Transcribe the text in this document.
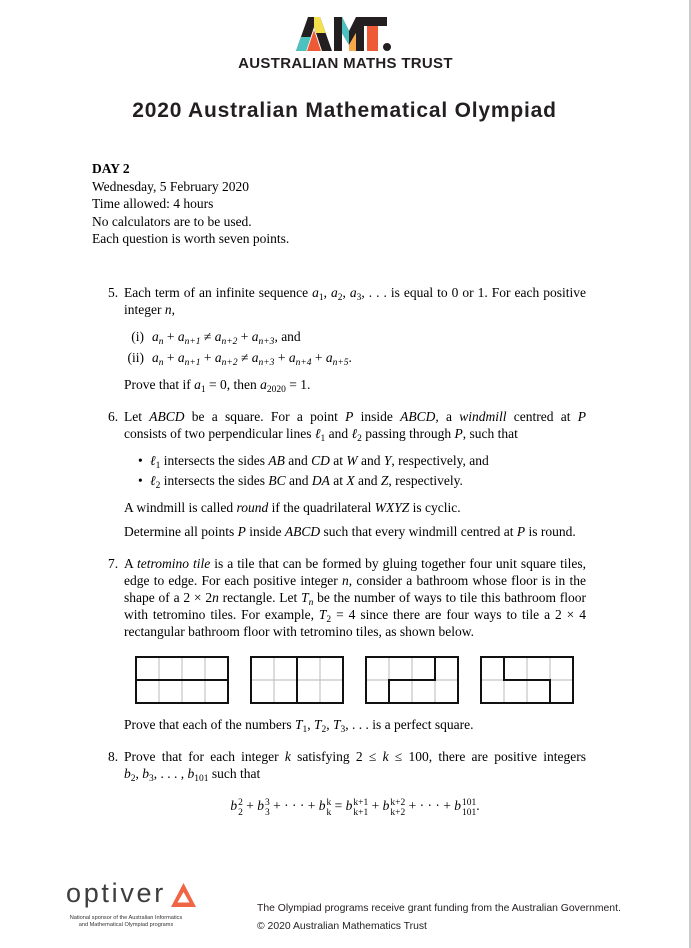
AUSTRALIAN MATHS TRUST
2020 Australian Mathematical Olympiad
DAY 2
Wednesday, 5 February 2020
Time allowed: 4 hours
No calculators are to be used.
Each question is worth seven points.
5. Each term of an infinite sequence $a_1$, $a_2$, $a_3$, . . . is equal to 0 or 1. For each positive
integer n,
(i) $a_n + a_{n+1} \ne a_{n+2} + a_{n+3}$, and
(ii) $a_n + a_{n+1} + a_{n+2} \ne a_{n+3} + a_{n+4} + a_{n+5}$.
Prove that if $a_1 = 0$, then $a_{2020} = 1$.
6. Let ABCD be a square. For a point P inside ABCD, a windmill centred at P
consists of two perpendicular lines ℓ$_1$ and ℓ$_2$ passing through P, such that
•
ℓ$_1$ intersects the sides AB and CD at W and Y, respectively, and
•
ℓ$_2$ intersects the sides BC and DA at X and Z, respectively.
A windmill is called round if the quadrilateral WXYZ is cyclic.
Determine all points P inside ABCD such that every windmill centred at P is round.
7. A tetromino tile is a tile that can be formed by gluing together four unit square tiles,
edge to edge. For each positive integer n, consider a bathroom whose floor is in the
shape of a 2 × 2n rectangle. Let $T_n$ be the number of ways to tile this bathroom floor
with tetromino tiles. For example, $T_2 = 4$ since there are four ways to tile a 2 × 4
rectangular bathroom floor with tetromino tiles, as shown below.
Prove that each of the numbers $T_1$, $T_2$, $T_3$, . . . is a perfect square.
8. Prove that for each integer k satisfying 2 ≤ k ≤ 100, there are positive integers
$b_2$, $b_3$, . . . , $b_{101}$ such that
b 2
2 + b 3
3 + · · · + b k
k = b k+1
k+1 + b k+2
k+2 + · · · + b 101
101 .
optiver
National sponsor of the Australian Informatics
and Mathematical Olympiad programs
The Olympiad programs receive grant funding from the Australian Government.
© 2020 Australian Mathematics Trust
